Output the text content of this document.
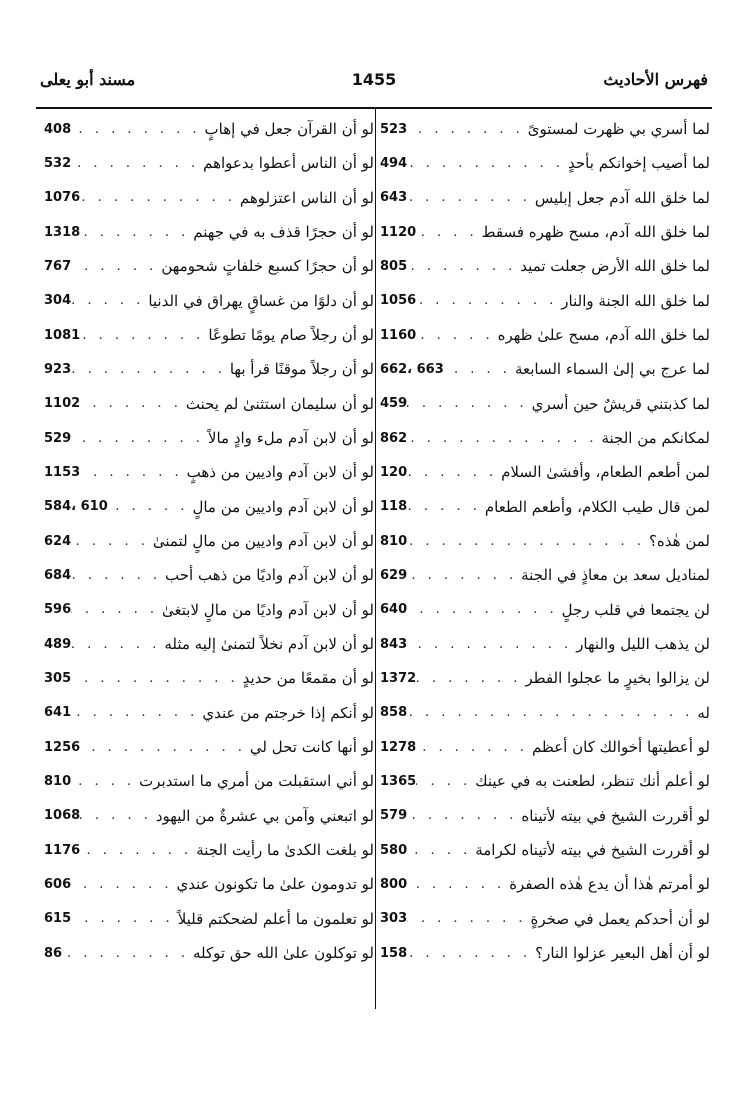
فهرس الأحاديث
1455
مسند أبو يعلى
لما أسري بي ظهرت لمستوىً
. . .
523
لما أصيب إخوانكم بأحدٍ
. . .
494
لما خلق الله آدم جعل إبليس
. . .
643
لما خلق الله آدم، مسح ظهره فسقط
. . .
1120
لما خلق الله الأرض جعلت تميد
. . .
805
لما خلق الله الجنة والنار
. . .
1056
لما خلق الله آدم، مسح علىٰ ظهره
. . .
1160
لما عرج بي إلىٰ السماء السابعة
. . .
662، 663
لما كذبتني قريشٌ حين أسري
. . .
459
لمكانكم من الجنة
. . .
862
لمن أطعم الطعام، وأفشىٰ السلام
. . .
120
لمن قال طيب الكلام، وأطعم الطعام
. . .
118
لمن هٰذه؟
. . .
810
لمناديل سعد بن معاذٍ في الجنة
. . .
629
لن يجتمعا في قلب رجلٍ
. . .
640
لن يذهب الليل والنهار
. . .
843
لن يزالوا بخيرٍ ما عجلوا الفطر
. . .
1372
له
. . .
858
لو أعطيتها أخوالك كان أعظم
. . .
1278
لو أعلم أنك تنظر، لطعنت به في عينك
. . .
1365
لو أقررت الشيخ في بيته لأتيناه
. . .
579
لو أقررت الشيخ في بيته لأتيناه لكرامة
. . .
580
لو أمرتم هٰذا أن يدع هٰذه الصفرة
. . .
800
لو أن أحدكم يعمل في صخرةٍ
. . .
303
لو أن أهل البعير عزلوا النار؟
. . .
158
لو أن القرآن جعل في إهابٍ
. . .
408
لو أن الناس أعطوا بدعواهم
. . .
532
لو أن الناس اعتزلوهم
. . .
1076
لو أن حجرًا قذف به في جهنم
. . .
1318
لو أن حجرًا كسبع خلفاتٍ شحومهن
. . .
767
لو أن دلوًا من غساقٍ يهراق في الدنيا
. . .
304
لو أن رجلاً صام يومًا تطوعًا
. . .
1081
لو أن رجلاً موقنًا قرأ بها
. . .
923
لو أن سليمان استثنىٰ لم يحنث
. . .
1102
لو أن لابن آدم ملء وادٍ مالاً
. . .
529
لو أن لابن آدم واديين من ذهبٍ
. . .
1153
لو أن لابن آدم واديين من مالٍ
. . .
584، 610
لو أن لابن آدم واديين من مالٍ لتمنىٰ
. . .
624
لو أن لابن آدم واديًا من ذهب أحب
. . .
684
لو أن لابن آدم واديًا من مالٍ لابتغىٰ
. . .
596
لو أن لابن آدم نخلاً لتمنىٰ إليه مثله
. . .
489
لو أن مقمعًا من حديدٍ
. . .
305
لو أنكم إذا خرجتم من عندي
. . .
641
لو أنها كانت تحل لي
. . .
1256
لو أني استقبلت من أمري ما استدبرت
. . .
810
لو اتبعني وآمن بي عشرةٌ من اليهود
. . .
1068
لو بلغت الكدىٰ ما رأيت الجنة
. . .
1176
لو تدومون علىٰ ما تكونون عندي
. . .
606
لو تعلمون ما أعلم لضحكتم قليلاً
. . .
615
لو توكلون علىٰ الله حق توكله
. . .
86
